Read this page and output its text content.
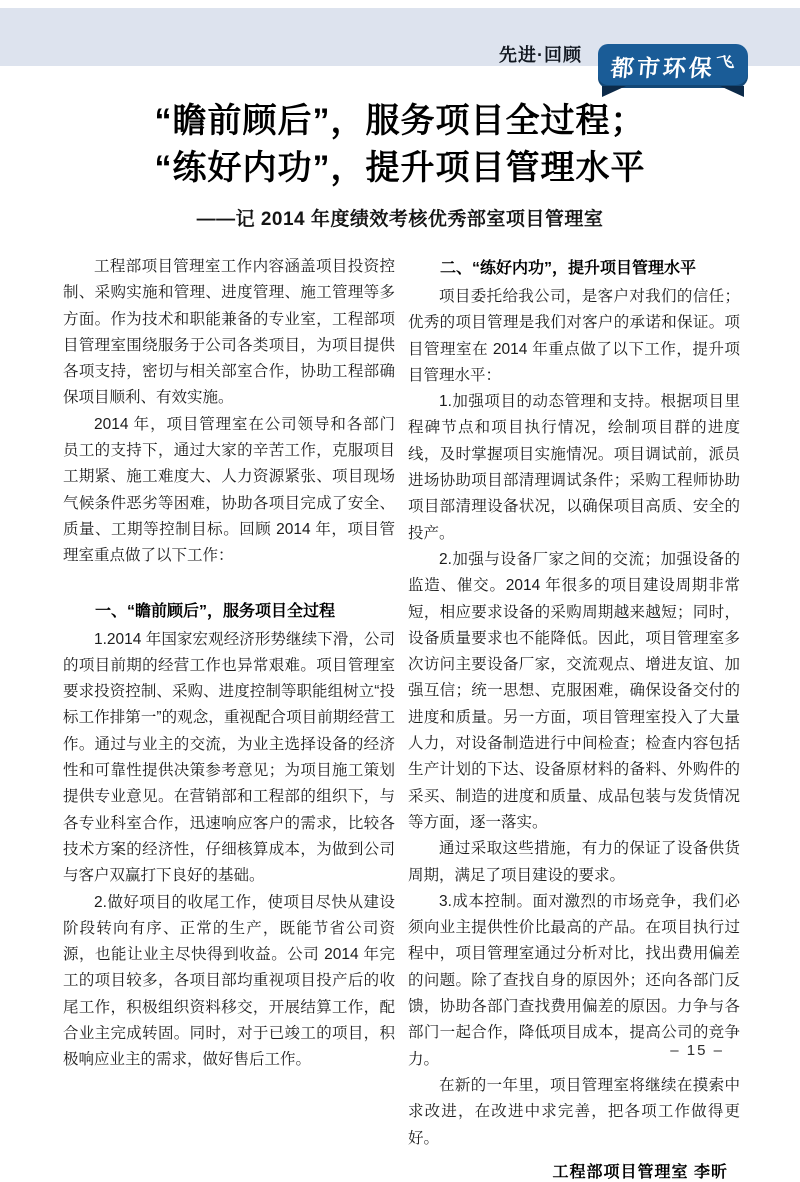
先进·回顾 都市环保 飞
“瞻前顾后”，服务项目全过程；
“练好内功”，提升项目管理水平
——记 2014 年度绩效考核优秀部室项目管理室

工程部项目管理室工作内容涵盖项目投资控制、采购实施和管理、进度管理、施工管理等多方面。作为技术和职能兼备的专业室，工程部项目管理室围绕服务于公司各类项目，为项目提供各项支持，密切与相关部室合作，协助工程部确保项目顺利、有效实施。

2014 年，项目管理室在公司领导和各部门员工的支持下，通过大家的辛苦工作，克服项目工期紧、施工难度大、人力资源紧张、项目现场气候条件恶劣等困难，协助各项目完成了安全、质量、工期等控制目标。回顾 2014 年，项目管理室重点做了以下工作：

一、“瞻前顾后”，服务项目全过程

1.2014 年国家宏观经济形势继续下滑，公司的项目前期的经营工作也异常艰难。项目管理室要求投资控制、采购、进度控制等职能组树立“投标工作排第一”的观念，重视配合项目前期经营工作。通过与业主的交流，为业主选择设备的经济性和可靠性提供决策参考意见；为项目施工策划提供专业意见。在营销部和工程部的组织下，与各专业科室合作，迅速响应客户的需求，比较各技术方案的经济性，仔细核算成本，为做到公司与客户双赢打下良好的基础。

2.做好项目的收尾工作，使项目尽快从建设阶段转向有序、正常的生产，既能节省公司资源，也能让业主尽快得到收益。公司 2014 年完工的项目较多，各项目部均重视项目投产后的收尾工作，积极组织资料移交，开展结算工作，配合业主完成转固。同时，对于已竣工的项目，积极响应业主的需求，做好售后工作。

二、“练好内功”，提升项目管理水平

项目委托给我公司，是客户对我们的信任；优秀的项目管理是我们对客户的承诺和保证。项目管理室在 2014 年重点做了以下工作，提升项目管理水平：

1.加强项目的动态管理和支持。根据项目里程碑节点和项目执行情况，绘制项目群的进度线，及时掌握项目实施情况。项目调试前，派员进场协助项目部清理调试条件；采购工程师协助项目部清理设备状况，以确保项目高质、安全的投产。

2.加强与设备厂家之间的交流；加强设备的监造、催交。2014 年很多的项目建设周期非常短，相应要求设备的采购周期越来越短；同时，设备质量要求也不能降低。因此，项目管理室多次访问主要设备厂家，交流观点、增进友谊、加强互信；统一思想、克服困难，确保设备交付的进度和质量。另一方面，项目管理室投入了大量人力，对设备制造进行中间检查；检查内容包括生产计划的下达、设备原材料的备料、外购件的采买、制造的进度和质量、成品包装与发货情况等方面，逐一落实。

通过采取这些措施，有力的保证了设备供货周期，满足了项目建设的要求。

3.成本控制。面对激烈的市场竞争，我们必须向业主提供性价比最高的产品。在项目执行过程中，项目管理室通过分析对比，找出费用偏差的问题。除了查找自身的原因外；还向各部门反馈，协助各部门查找费用偏差的原因。力争与各部门一起合作，降低项目成本，提高公司的竞争力。

在新的一年里，项目管理室将继续在摸索中求改进，在改进中求完善，把各项工作做得更好。

工程部项目管理室 李昕

– 15 –
